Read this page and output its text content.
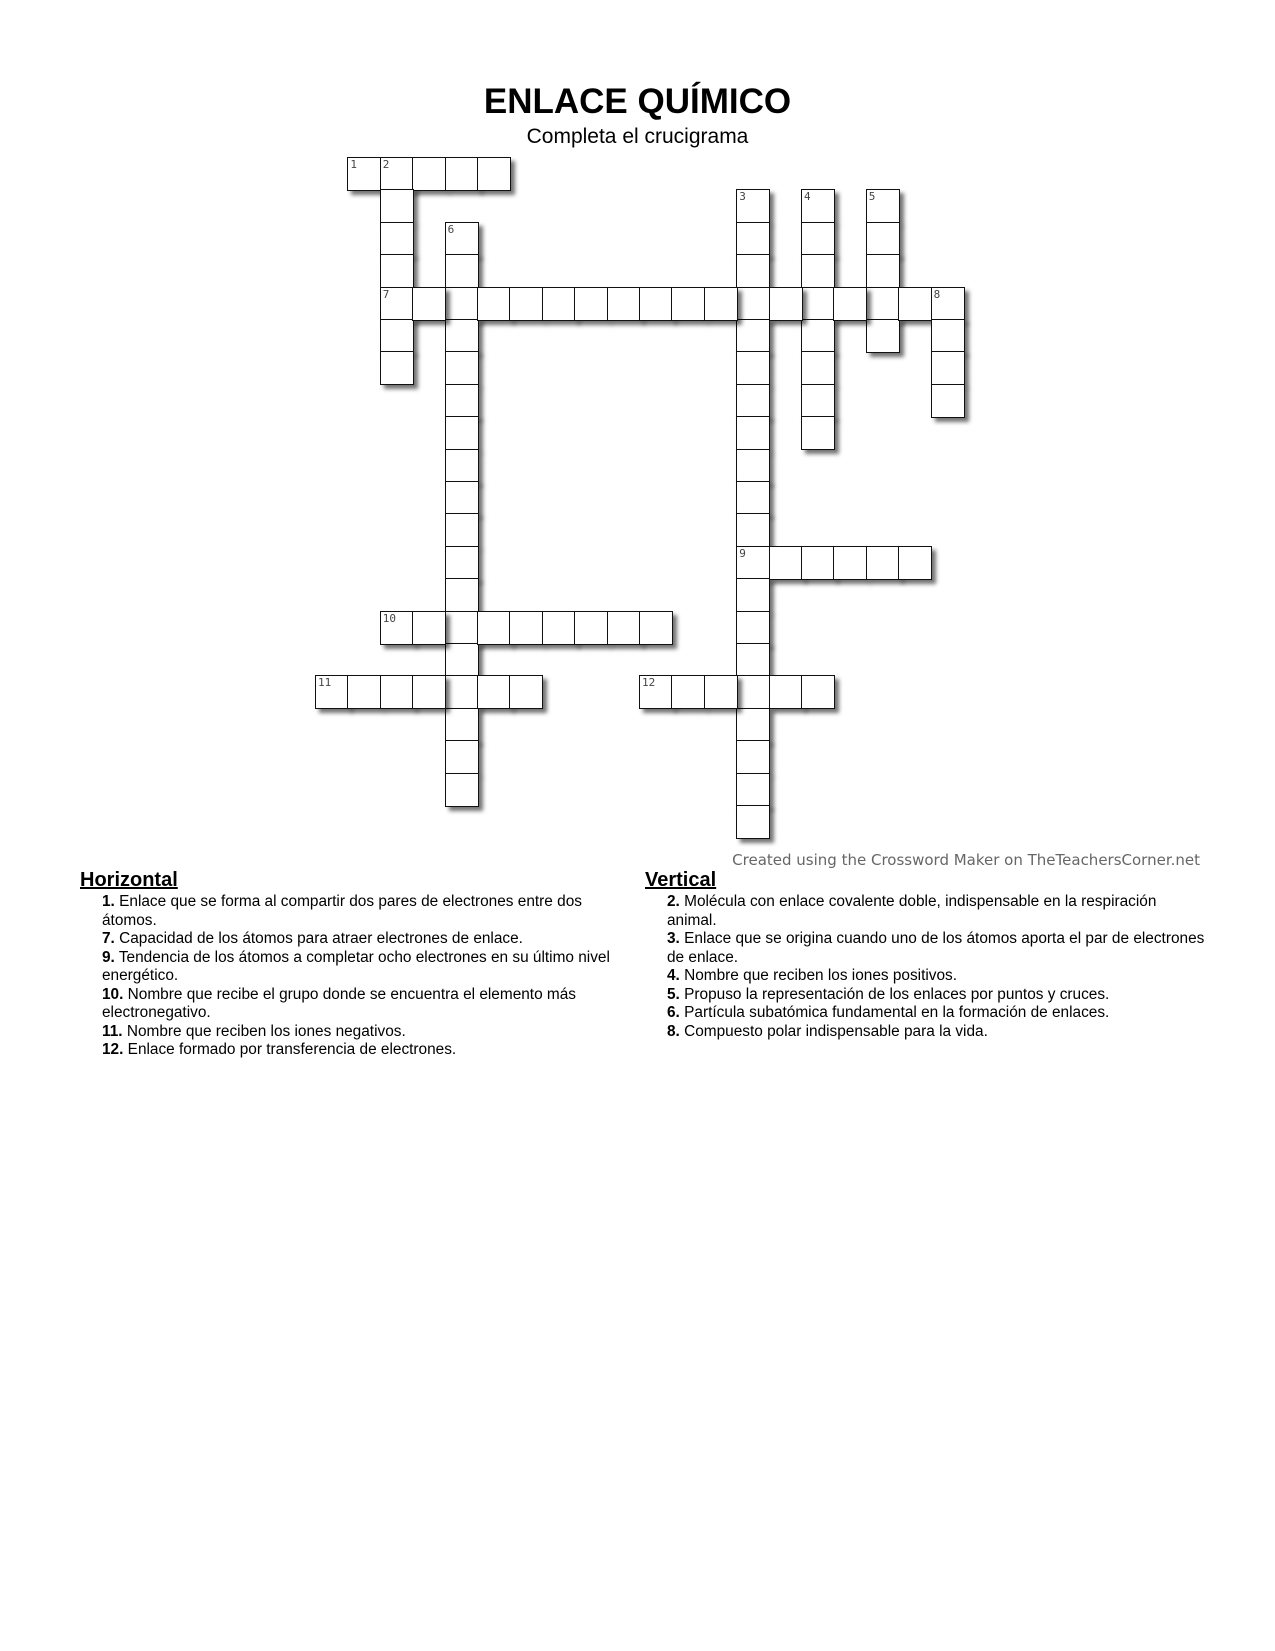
ENLACE QUÍMICO
Completa el crucigrama
1 2
7
3
9
4	5
6
8
10
11	12
Created using the Crossword Maker on TheTeachersCorner.net
Horizontal
1. Enlace que se forma al compartir dos pares de electrones entre dos átomos.
7. Capacidad de los átomos para atraer electrones de enlace.
9. Tendencia de los átomos a completar ocho electrones en su último nivel energético.
10. Nombre que recibe el grupo donde se encuentra el elemento más electronegativo.
11. Nombre que reciben los iones negativos.
12. Enlace formado por transferencia de electrones.
Vertical
2. Molécula con enlace covalente doble, indispensable en la respiración animal.
3. Enlace que se origina cuando uno de los átomos aporta el par de electrones de enlace.
4. Nombre que reciben los iones positivos.
5. Propuso la representación de los enlaces por puntos y cruces.
6. Partícula subatómica fundamental en la formación de enlaces.
8. Compuesto polar indispensable para la vida.
